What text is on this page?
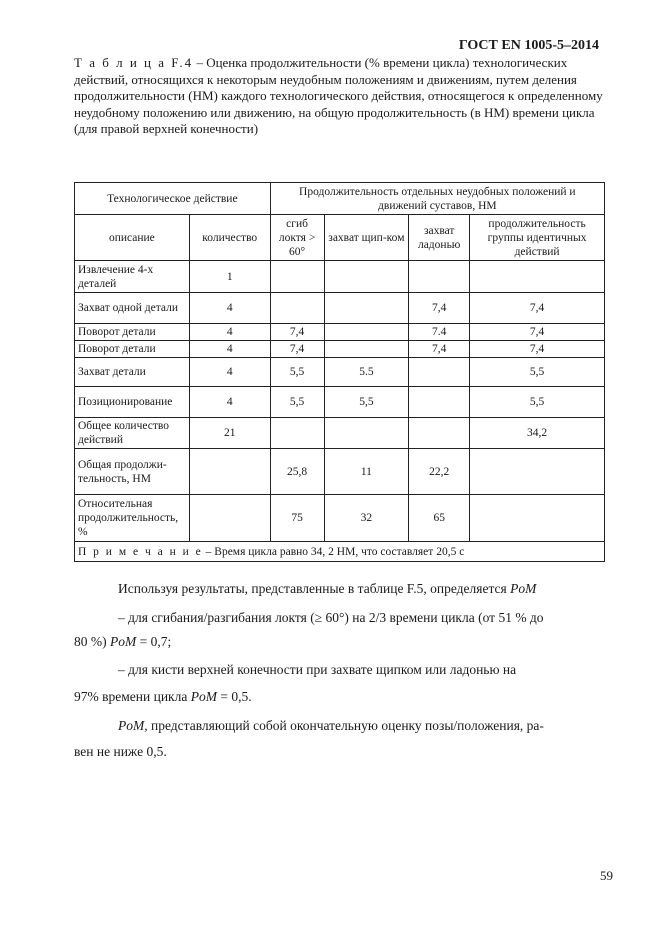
ГОСТ EN 1005-5–2014
Т а б л и ц а F.4 – Оценка продолжительности (% времени цикла) технологических действий, относящихся к некоторым неудобным положениям и движениям, путем деления продолжительности (НМ) каждого технологического действия, относящегося к определенному неудобному положению или движению, на общую продолжительность (в НМ) времени цикла (для правой верхней конечности)
Технологическое действие		Продолжительность отдельных неудобных положений и движений суставов, НМ			
описание	количество	сгиб локтя > 60°	захват щип-ком	захват ладонью	продолжительность группы идентичных действий
Извлечение 4-х деталей	1				
Захват одной детали	4			7,4	7,4
Поворот детали	4	7,4		7.4	7,4
Поворот детали	4	7,4		7,4	7,4
Захват детали	4	5,5	5.5		5,5
Позиционирование	4	5,5	5,5		5,5
Общее количество действий	21				34,2
Общая продолжительность, НМ		25,8	11	22,2	
Относительная продолжительность, %		75	32	65	
П р и м е ч а н и е – Время цикла равно 34, 2 НМ, что составляет 20,5 с					
Используя результаты, представленные в таблице F.5, определяется PoM
– для сгибания/разгибания локтя (≥ 60°) на 2/3 времени цикла (от 51 % до
80 %) PoM = 0,7;
– для кисти верхней конечности при захвате щипком или ладонью на
97% времени цикла PoM = 0,5.
PoM, представляющий собой окончательную оценку позы/положения, ра-
вен не ниже 0,5.
59
